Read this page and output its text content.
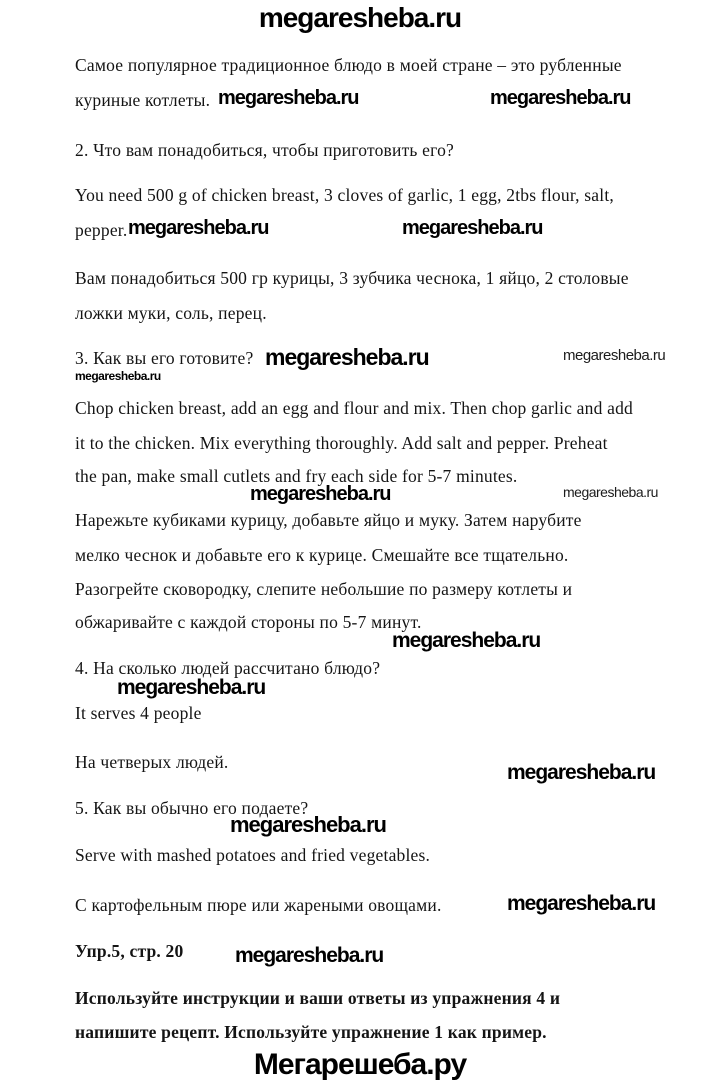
megaresheba.ru
Самое популярное традиционное блюдо в моей стране – это рубленные
куриные котлеты. megaresheba.ru	megaresheba.ru
2. Что вам понадобиться, чтобы приготовить его?
You need 500 g of chicken breast, 3 cloves of garlic, 1 egg, 2tbs flour, salt,
pepper. megaresheba.ru	megaresheba.ru
Вам понадобиться 500 гр курицы, 3 зубчика чеснока, 1 яйцо, 2 столовые
ложки муки, соль, перец.
3. Как вы его готовите? megaresheba.ru	megaresheba.ru
megaresheba.ru
Chop chicken breast, add an egg and flour and mix. Then chop garlic and add
it to the chicken. Mix everything thoroughly. Add salt and pepper. Preheat
the pan, make small cutlets and fry each side for 5-7 minutes.
megaresheba.ru	megaresheba.ru
Нарежьте кубиками курицу, добавьте яйцо и муку. Затем нарубите
мелко чеснок и добавьте его к курице. Смешайте все тщательно.
Разогрейте сковородку, слепите небольшие по размеру котлеты и
обжаривайте с каждой стороны по 5-7 минут.
megaresheba.ru
4. На сколько людей рассчитано блюдо?
megaresheba.ru
It serves 4 people
На четверых людей.	megaresheba.ru
5. Как вы обычно его подаете?
megaresheba.ru
Serve with mashed potatoes and fried vegetables.
С картофельным пюре или жареными овощами.	megaresheba.ru
Упр.5, стр. 20 megaresheba.ru
Используйте инструкции и ваши ответы из упражнения 4 и
напишите рецепт. Используйте упражнение 1 как пример.
Мегарешеба.ру
